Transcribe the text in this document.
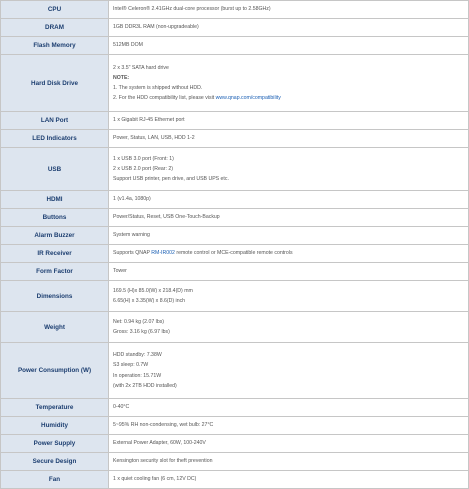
CPU	Intel® Celeron® 2.41GHz dual-core processor (burst up to 2.58GHz)

DRAM	1GB DDR3L RAM (non-upgradeable)

Flash Memory	512MB DOM

Hard Disk Drive	2 x 3.5" SATA hard drive
NOTE:
1. The system is shipped without HDD.
2. For the HDD compatibility list, please visit www.qnap.com/compatibility

LAN Port	1 x Gigabit RJ-45 Ethernet port

LED Indicators	Power, Status, LAN, USB, HDD 1-2

USB	1 x USB 3.0 port (Front: 1)
2 x USB 2.0 port (Rear: 2)
Support USB printer, pen drive, and USB UPS etc.

HDMI	1 (v1.4a, 1080p)

Buttons	Power/Status, Reset, USB One-Touch-Backup

Alarm Buzzer	System warning

IR Receiver	Supports QNAP RM-IR002 remote control or MCE-compatible remote controls

Form Factor	Tower

Dimensions	169.5 (H)x 85.0(W) x 218.4(D) mm
6.65(H) x 3.35(W) x 8.6(D) inch

Weight	Net: 0.94 kg (2.07 lbs)
Gross: 3.16 kg (6.97 lbs)

Power Consumption (W)	HDD standby: 7.38W
S3 sleep: 0.7W
In operation: 15.71W
(with 2x 2TB HDD installed)

Temperature	0-40°C

Humidity	5~95% RH non-condensing, wet bulb: 27°C

Power Supply	External Power Adapter, 60W, 100-240V

Secure Design	Kensington security slot for theft prevention

Fan	1 x quiet cooling fan (6 cm, 12V DC)
